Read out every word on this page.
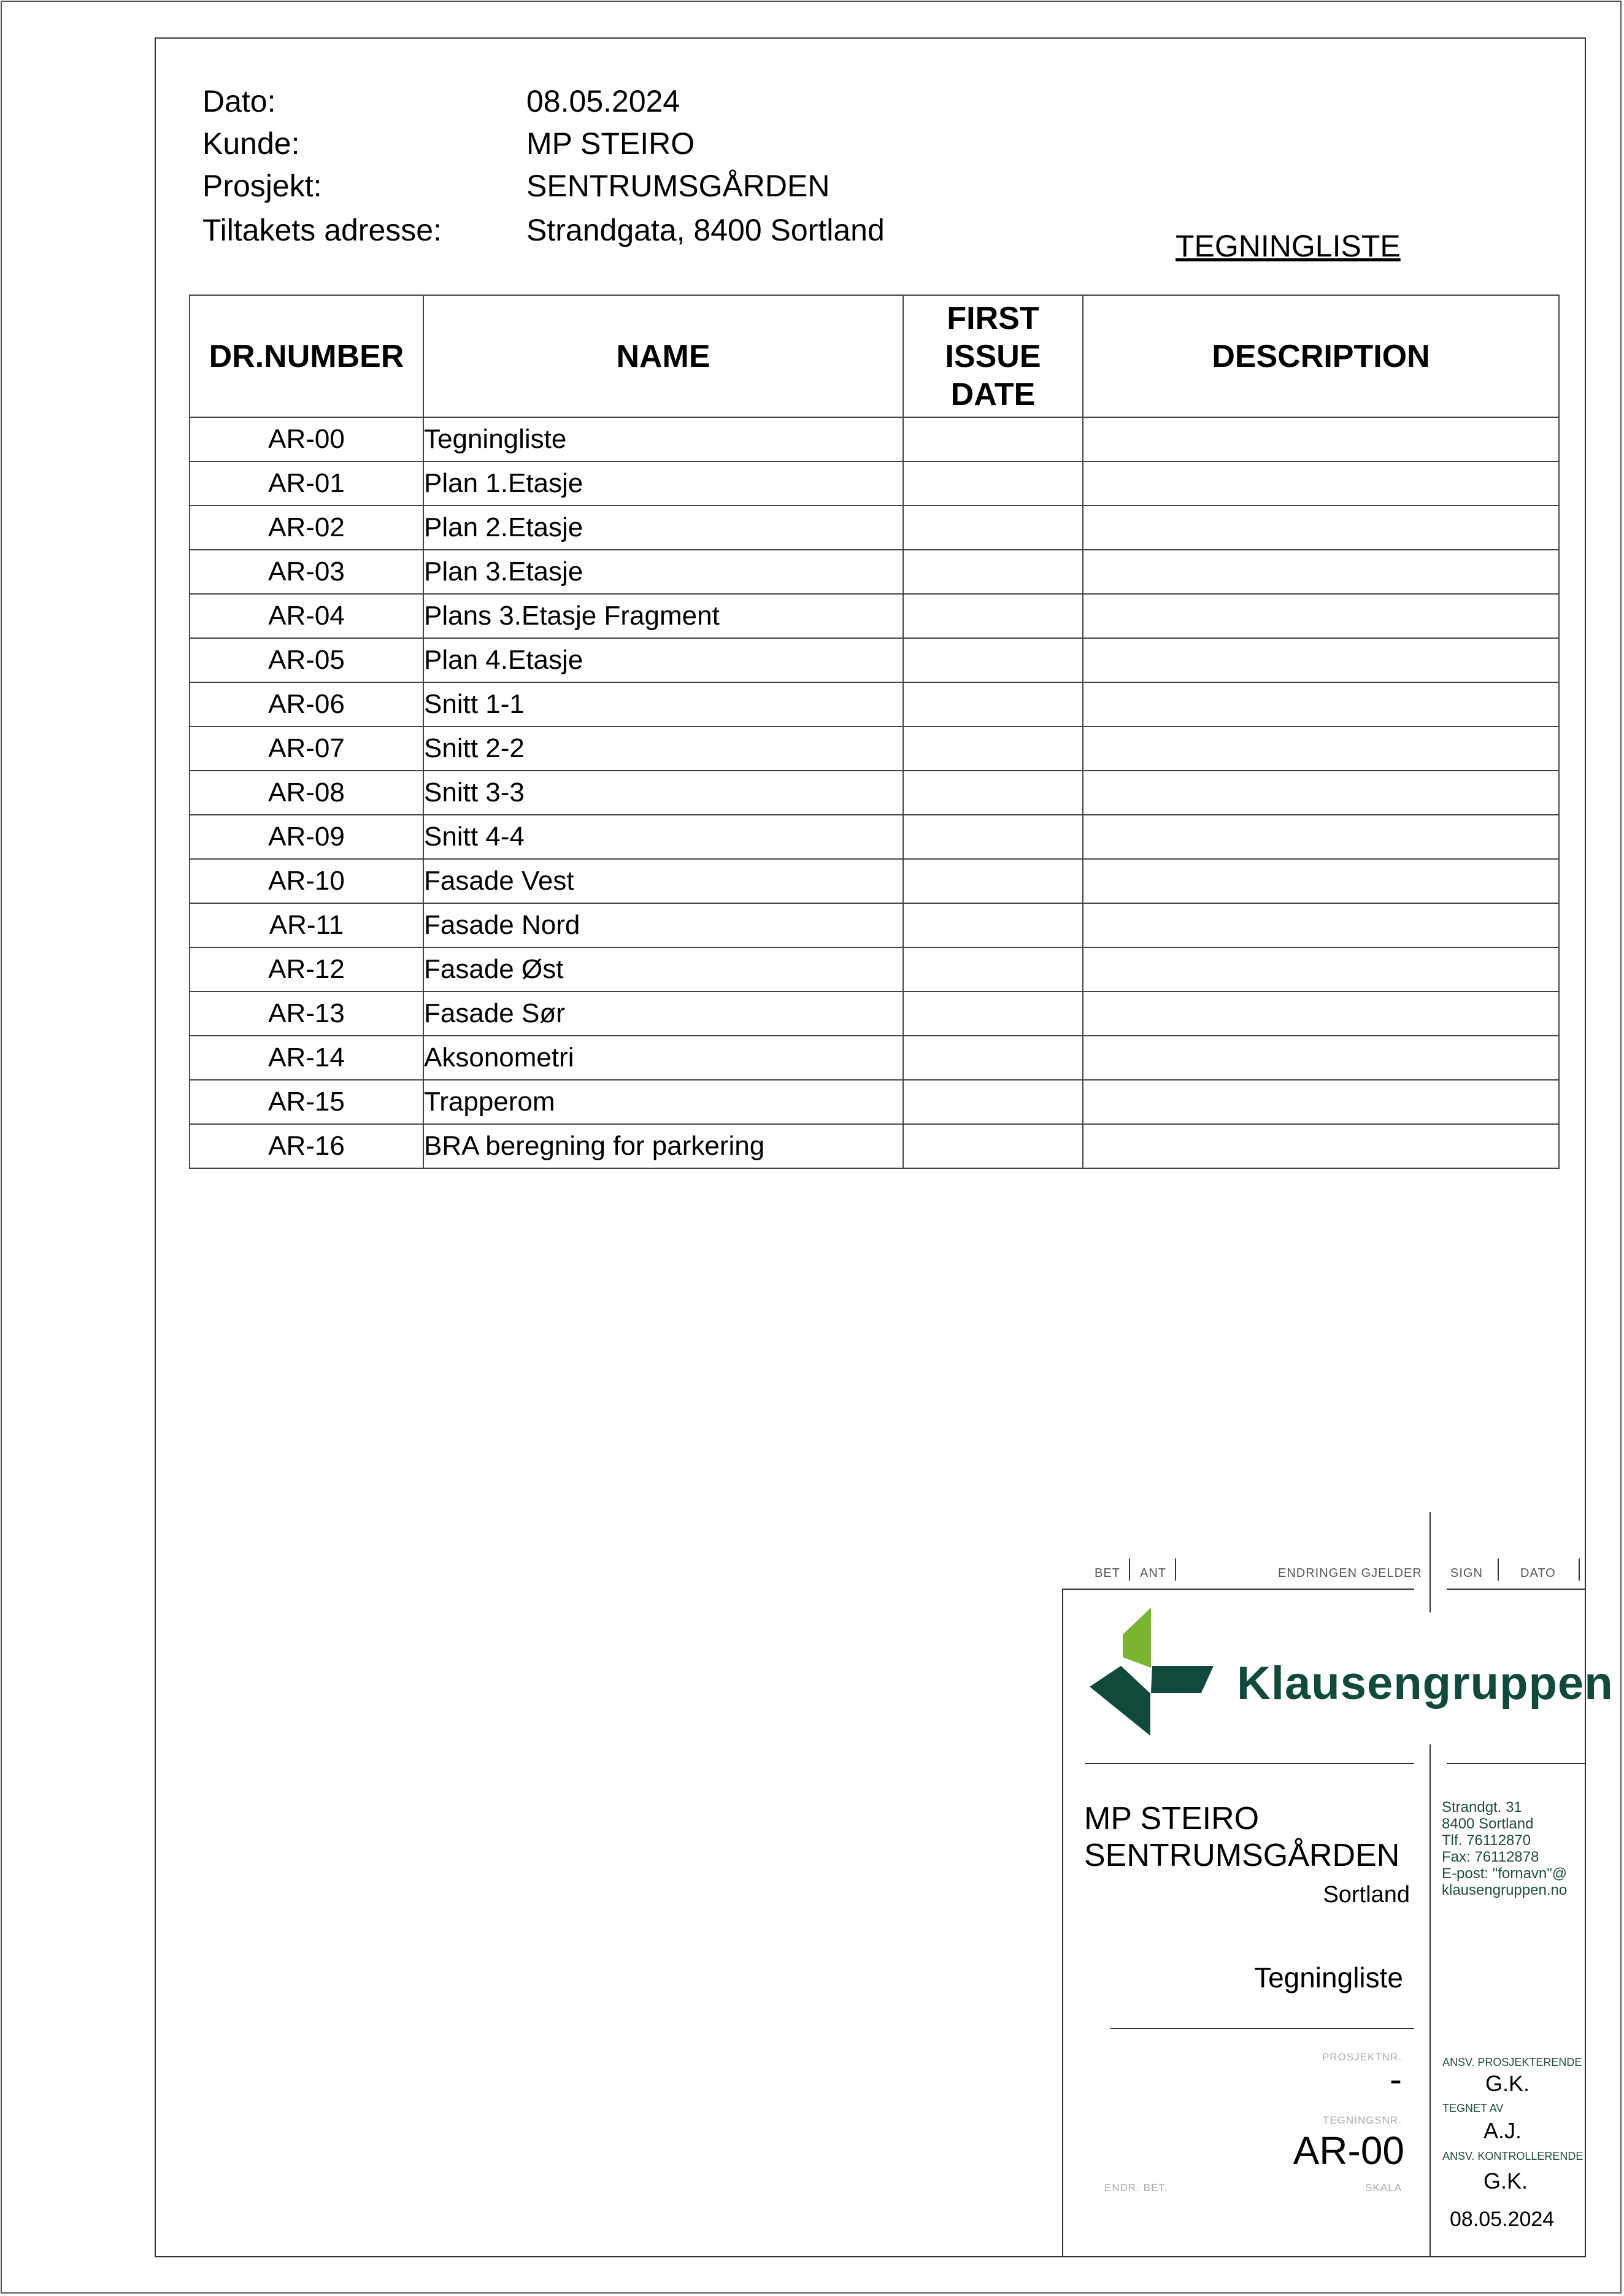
Dato:	08.05.2024
Kunde:	MP STEIRO
Prosjekt:	SENTRUMSGÅRDEN
Tiltakets adresse:	Strandgata, 8400 Sortland	TEGNINGLISTE
DR.NUMBER	NAME	FIRST ISSUE DATE	DESCRIPTION
AR-00	Tegningliste		
AR-01	Plan 1.Etasje		
AR-02	Plan 2.Etasje		
AR-03	Plan 3.Etasje		
AR-04	Plans 3.Etasje Fragment		
AR-05	Plan 4.Etasje		
AR-06	Snitt 1-1		
AR-07	Snitt 2-2		
AR-08	Snitt 3-3		
AR-09	Snitt 4-4		
AR-10	Fasade Vest		
AR-11	Fasade Nord		
AR-12	Fasade Øst		
AR-13	Fasade Sør		
AR-14	Aksonometri		
AR-15	Trapperom		
AR-16	BRA beregning for parkering		
BET ANT	ENDRINGEN GJELDER SIGN	DATO
Klausengruppen
MP STEIRO
SENTRUMSGÅRDEN
Sortland
Tegningliste
Strandgt. 31
8400 Sortland
Tlf. 76112870
Fax: 76112878
E-post: "fornavn"@
klausengruppen.no
PROSJEKTNR.
-
TEGNINGSNR.
AR-00
ENDR. BET.	SKALA
ANSV. PROSJEKTERENDE
G.K.
TEGNET AV
A.J.
ANSV. KONTROLLERENDE
G.K.
08.05.2024
